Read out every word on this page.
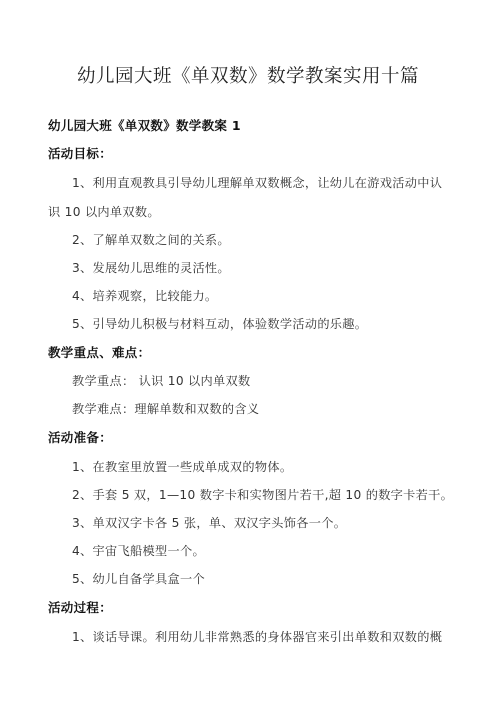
幼儿园大班《单双数》数学教案实用十篇
幼儿园大班《单双数》数学教案 1
活动目标：
1、利用直观教具引导幼儿理解单双数概念，让幼儿在游戏活动中认
识 10 以内单双数。
2、了解单双数之间的关系。
3、发展幼儿思维的灵活性。
4、培养观察，比较能力。
5、引导幼儿积极与材料互动，体验数学活动的乐趣。
教学重点、难点：
教学重点： 认识 10 以内单双数
教学难点：理解单数和双数的含义
活动准备：
1、在教室里放置一些成单成双的物体。
2、手套 5 双，1—10 数字卡和实物图片若干,超 10 的数字卡若干。
3、单双汉字卡各 5 张，单、双汉字头饰各一个。
4、宇宙飞船模型一个。
5、幼儿自备学具盒一个
活动过程：
1、谈话导课。利用幼儿非常熟悉的身体器官来引出单数和双数的概
